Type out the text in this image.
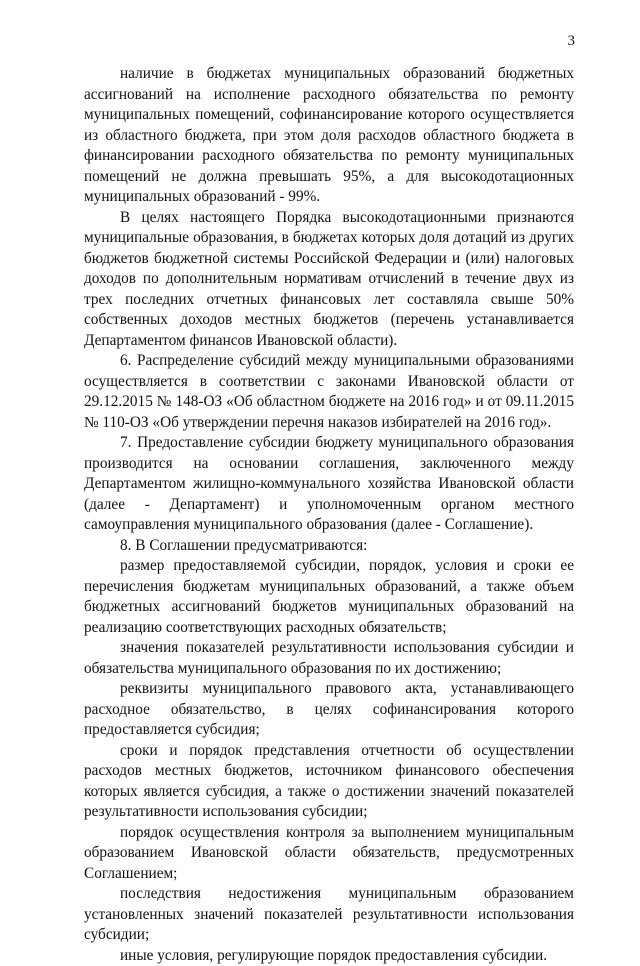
3

наличие в бюджетах муниципальных образований бюджетных ассигнований на исполнение расходного обязательства по ремонту муниципальных помещений, софинансирование которого осуществляется из областного бюджета, при этом доля расходов областного бюджета в финансировании расходного обязательства по ремонту муниципальных помещений не должна превышать 95%, а для высокодотационных муниципальных образований - 99%.

В целях настоящего Порядка высокодотационными признаются муниципальные образования, в бюджетах которых доля дотаций из других бюджетов бюджетной системы Российской Федерации и (или) налоговых доходов по дополнительным нормативам отчислений в течение двух из трех последних отчетных финансовых лет составляла свыше 50% собственных доходов местных бюджетов (перечень устанавливается Департаментом финансов Ивановской области).

6. Распределение субсидий между муниципальными образованиями осуществляется в соответствии с законами Ивановской области от 29.12.2015 № 148-ОЗ «Об областном бюджете на 2016 год» и от 09.11.2015 № 110-ОЗ «Об утверждении перечня наказов избирателей на 2016 год».

7. Предоставление субсидии бюджету муниципального образования производится на основании соглашения, заключенного между Департаментом жилищно-коммунального хозяйства Ивановской области (далее - Департамент) и уполномоченным органом местного самоуправления муниципального образования (далее - Соглашение).

8. В Соглашении предусматриваются:

размер предоставляемой субсидии, порядок, условия и сроки ее перечисления бюджетам муниципальных образований, а также объем бюджетных ассигнований бюджетов муниципальных образований на реализацию соответствующих расходных обязательств;

значения показателей результативности использования субсидии и обязательства муниципального образования по их достижению;

реквизиты муниципального правового акта, устанавливающего расходное обязательство, в целях софинансирования которого предоставляется субсидия;

сроки и порядок представления отчетности об осуществлении расходов местных бюджетов, источником финансового обеспечения которых является субсидия, а также о достижении значений показателей результативности использования субсидии;

порядок осуществления контроля за выполнением муниципальным образованием Ивановской области обязательств, предусмотренных Соглашением;

последствия недостижения муниципальным образованием установленных значений показателей результативности использования субсидии;

иные условия, регулирующие порядок предоставления субсидии.
